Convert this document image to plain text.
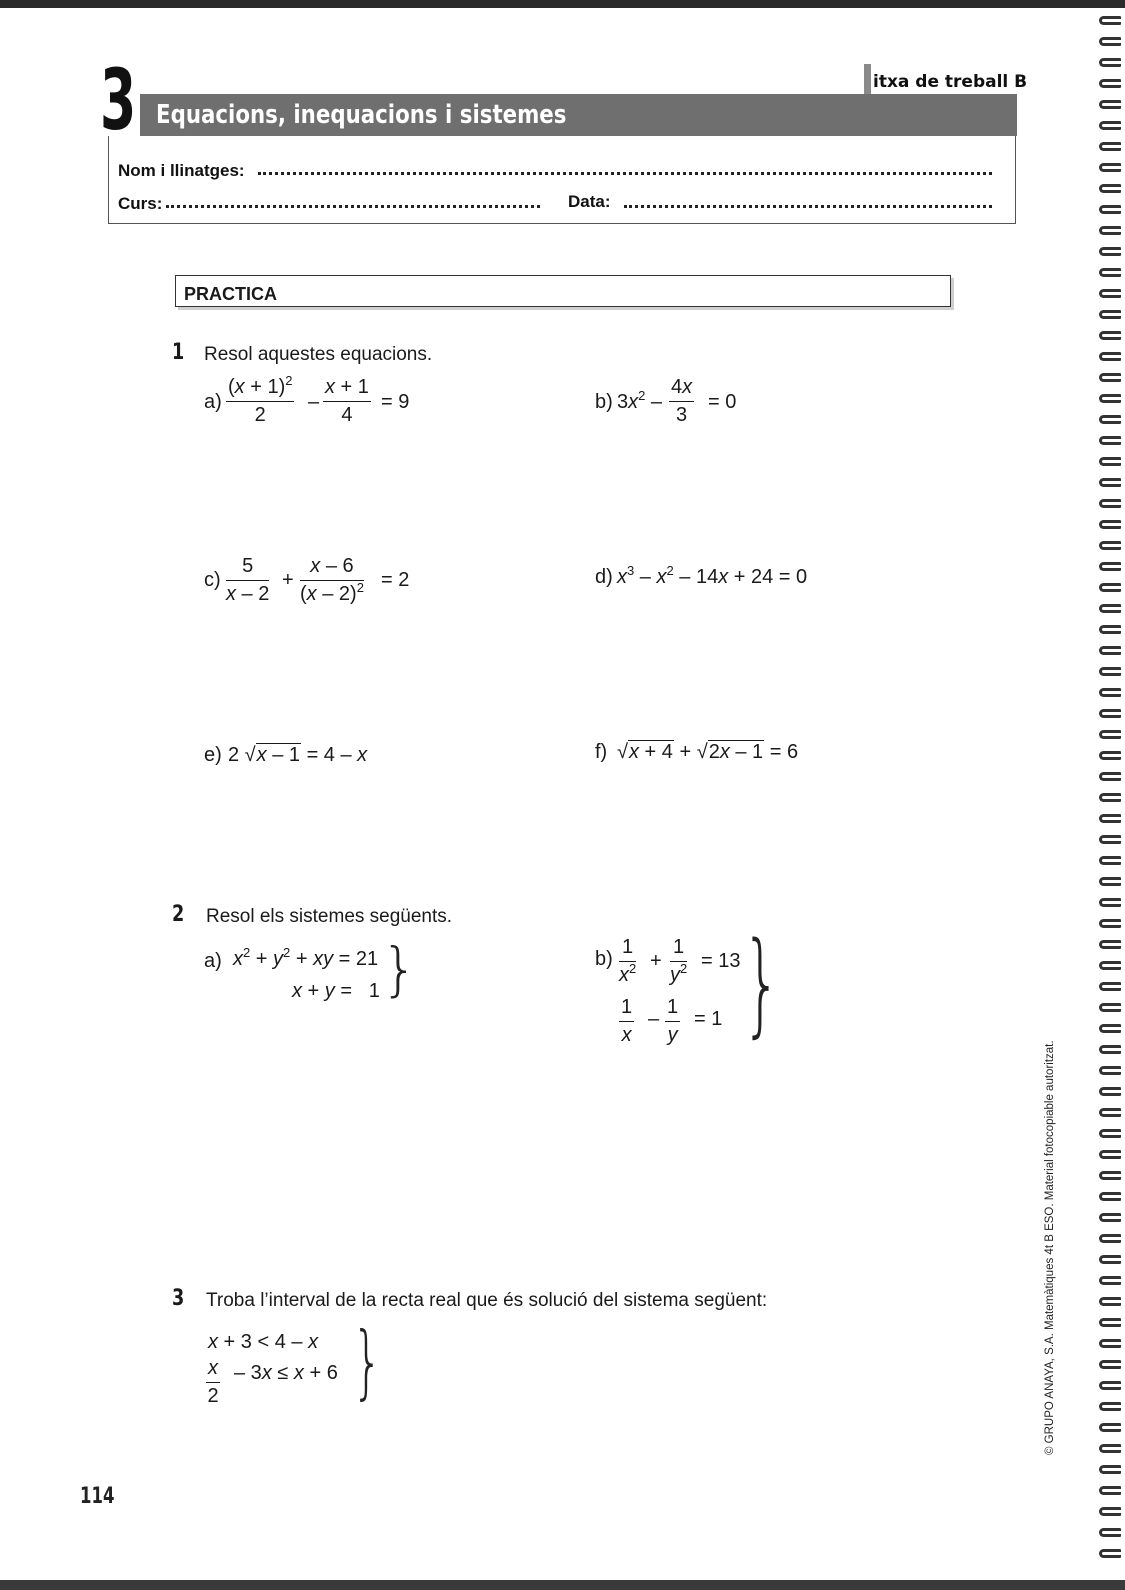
3 Equacions, inequacions i sistemes
itxa de treball B
Nom i llinatges:
Curs:	Data:
PRACTICA
1 Resol aquestes equacions.
a)
$(x + 1)^2$
2
–
x + 1
4
= 9	b) $3x^2$ –
4x
3
= 0
c)
5
x – 2
+
x – 6
(x – 2)$^2$ = 2	d) $x^3 - x^2 - 14x + 24 = 0$
e) 2 √x – 1 = 4 – x	f) √x + 4 + √2x – 1 = 6
2 Resol els sistemes següents.
a) $x^2 + y^2$ + xy = 21
x + y =   1 }	b)
1
$x^2$ +
1
$y^2 = 13$
1
x
–
1
y
= 1 }
3 Troba l’interval de la recta real que és solució del sistema següent:
x + 3 < 4 – x
x
2
– 3x ≤ x + 6 }
114
© GRUPO ANAYA, S.A. Matemàtiques 4t B ESO. Material fotocopiable autoritzat.
